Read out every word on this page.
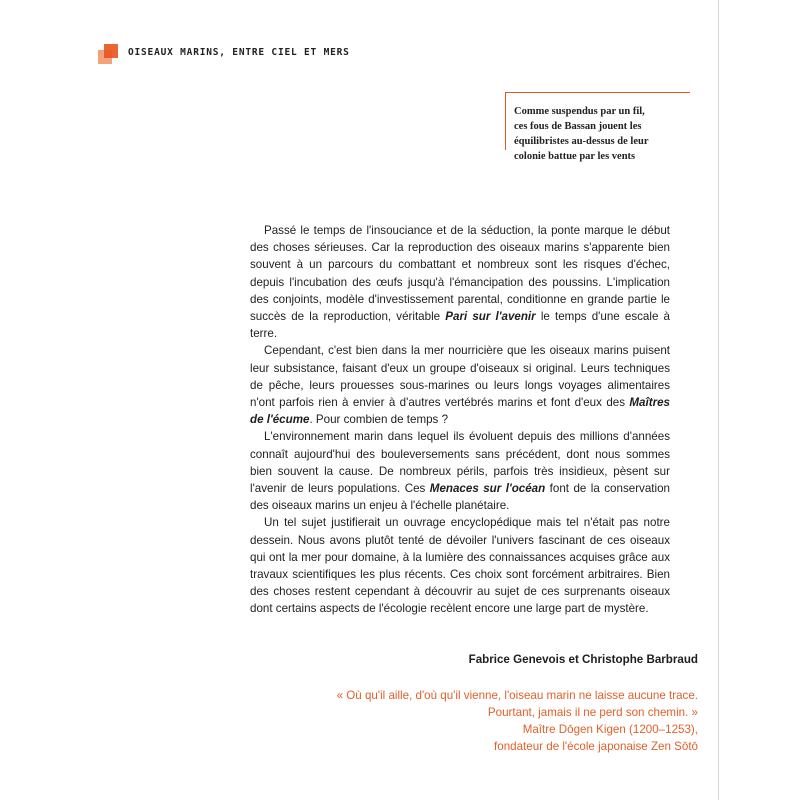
OISEAUX MARINS, ENTRE CIEL ET MERS
Comme suspendus par un fil,
ces fous de Bassan jouent les
équilibristes au-dessus de leur
colonie battue par les vents

Passé le temps de l'insouciance et de la séduction, la ponte marque le début des choses sérieuses. Car la reproduction des oiseaux marins s'apparente bien souvent à un parcours du combattant et nombreux sont les risques d'échec, depuis l'incubation des œufs jusqu'à l'émancipation des poussins. L'implication des conjoints, modèle d'investissement parental, conditionne en grande partie le succès de la reproduction, véritable Pari sur l'avenir le temps d'une escale à terre.

Cependant, c'est bien dans la mer nourricière que les oiseaux marins puisent leur subsistance, faisant d'eux un groupe d'oiseaux si original. Leurs techniques de pêche, leurs prouesses sous-marines ou leurs longs voyages alimentaires n'ont parfois rien à envier à d'autres vertébrés marins et font d'eux des Maîtres de l'écume. Pour combien de temps ?

L'environnement marin dans lequel ils évoluent depuis des millions d'années connaît aujourd'hui des bouleversements sans précédent, dont nous sommes bien souvent la cause. De nombreux périls, parfois très insidieux, pèsent sur l'avenir de leurs populations. Ces Menaces sur l'océan font de la conservation des oiseaux marins un enjeu à l'échelle planétaire.

Un tel sujet justifierait un ouvrage encyclopédique mais tel n'était pas notre dessein. Nous avons plutôt tenté de dévoiler l'univers fascinant de ces oiseaux qui ont la mer pour domaine, à la lumière des connaissances acquises grâce aux travaux scientifiques les plus récents. Ces choix sont forcément arbitraires. Bien des choses restent cependant à découvrir au sujet de ces surprenants oiseaux dont certains aspects de l'écologie recèlent encore une large part de mystère.

Fabrice Genevois et Christophe Barbraud
« Où qu'il aille, d'où qu'il vienne, l'oiseau marin ne laisse aucune trace.
Pourtant, jamais il ne perd son chemin. »
Maître Dōgen Kigen (1200–1253),
fondateur de l'école japonaise Zen Sōtō
